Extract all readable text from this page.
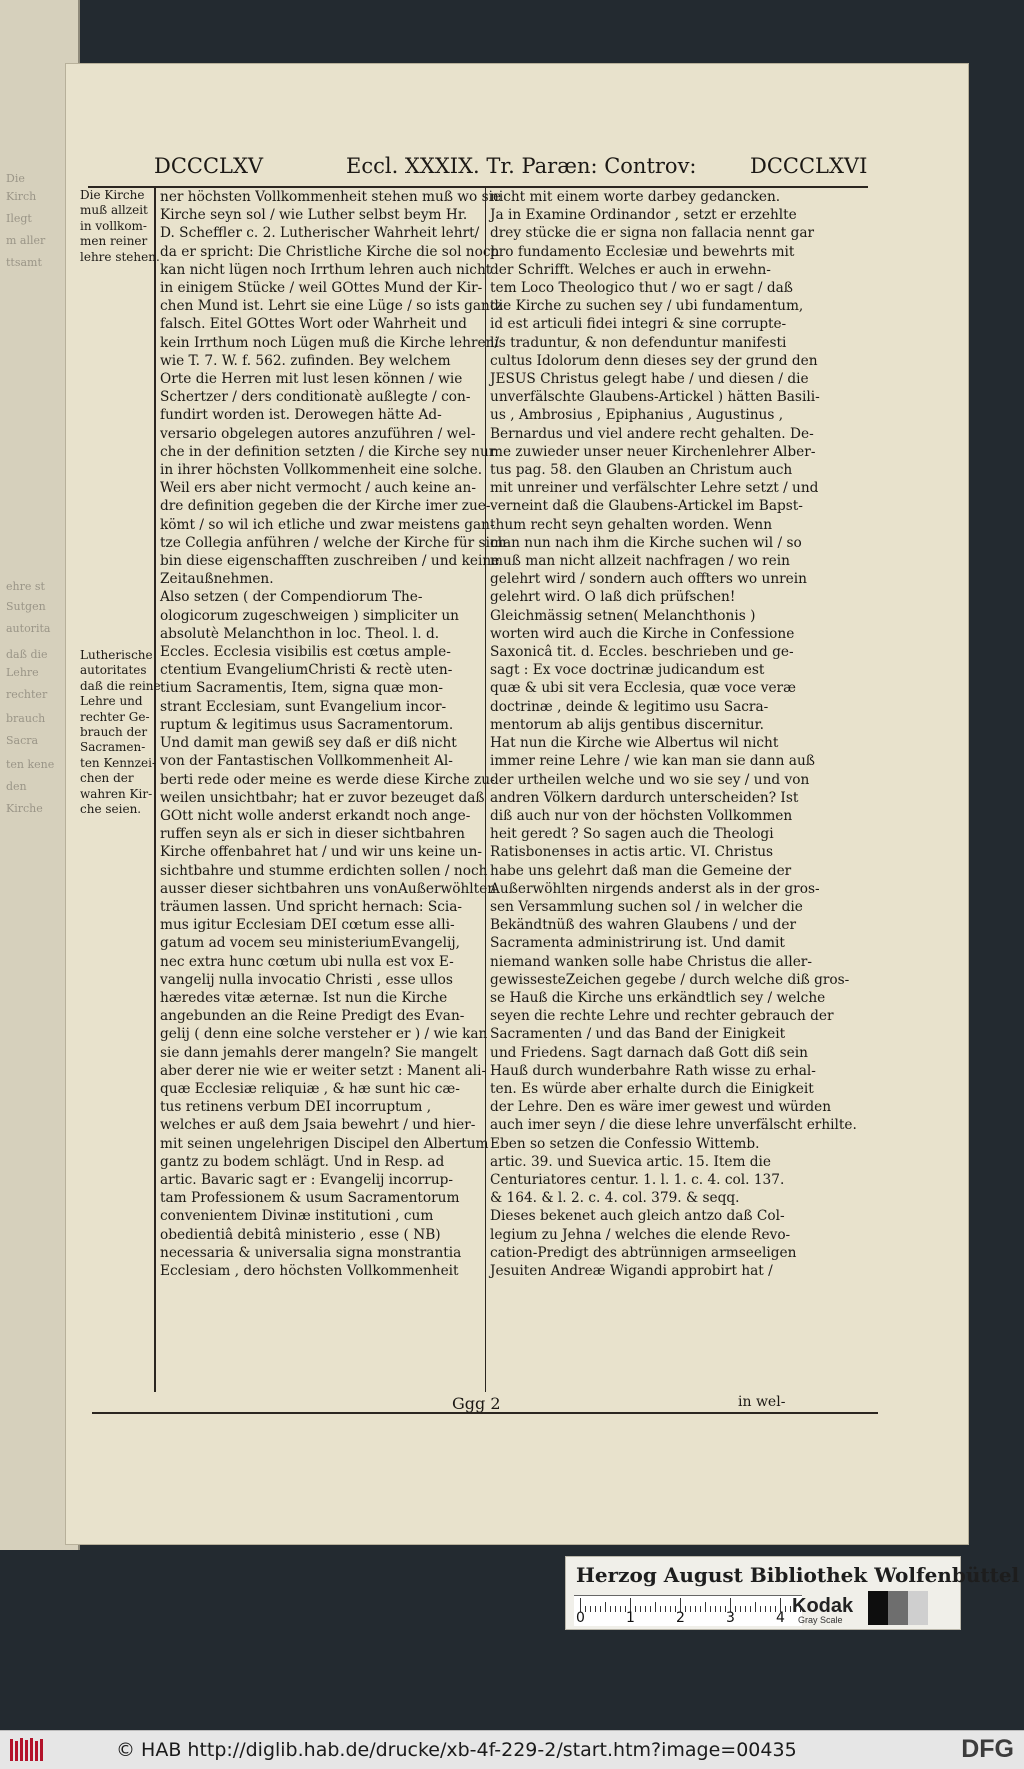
Die
Kirch
Ilegt
m aller
ttsamt
ehre st
Sutgen
autorita
daß die
Lehre
rechter
brauch
Sacra
ten kene
den
Kirche
DCCCLXV	Eccl. XXXIX. Tr. Paræn: Controv:	DCCCLXVI

Die Kirche

muß allzeit

in vollkom-

men reiner

lehre stehen.

Lutherische

autoritates

daß die reine

Lehre und

rechter Ge-

brauch der

Sacramen-

ten Kennzei-

chen der

wahren Kir-

che seien.

ner höchsten Vollkommenheit stehen muß wo sie

Kirche seyn sol / wie Luther selbst beym Hr.

D. Scheffler c. 2. Lutherischer Wahrheit lehrt/

da er spricht: Die Christliche Kirche die sol noch

kan nicht lügen noch Irrthum lehren auch nicht

in einigem Stücke / weil GOttes Mund der Kir-

chen Mund ist. Lehrt sie eine Lüge / so ists gantz

falsch. Eitel GOttes Wort oder Wahrheit und

kein Irrthum noch Lügen muß die Kirche lehren/

wie T. 7. W. f. 562. zufinden. Bey welchem

Orte die Herren mit lust lesen können / wie

Schertzer / ders conditionatè außlegte / con-

fundirt worden ist. Derowegen hätte Ad-

versario obgelegen autores anzuführen / wel-

che in der definition setzten / die Kirche sey nur

in ihrer höchsten Vollkommenheit eine solche.

Weil ers aber nicht vermocht / auch keine an-

dre definition gegeben die der Kirche imer zue-

kömt / so wil ich etliche und zwar meistens gan-

tze Collegia anführen / welche der Kirche für sich

bin diese eigenschafften zuschreiben / und keine

Zeitaußnehmen.

Also setzen ( der Compendiorum The-

ologicorum zugeschweigen ) simpliciter un

absolutè Melanchthon in loc. Theol. l. d.

Eccles. Ecclesia visibilis est cœtus ample-

ctentium EvangeliumChristi & rectè uten-

tium Sacramentis, Item, signa quæ mon-

strant Ecclesiam, sunt Evangelium incor-

ruptum & legitimus usus Sacramentorum.

Und damit man gewiß sey daß er diß nicht

von der Fantastischen Vollkommenheit Al-

berti rede oder meine es werde diese Kirche zu-

weilen unsichtbahr; hat er zuvor bezeuget daß

GOtt nicht wolle anderst erkandt noch ange-

ruffen seyn als er sich in dieser sichtbahren

Kirche offenbahret hat / und wir uns keine un-

sichtbahre und stumme erdichten sollen / noch

ausser dieser sichtbahren uns vonAußerwöhlten

träumen lassen. Und spricht hernach: Scia-

mus igitur Ecclesiam DEI cœtum esse alli-

gatum ad vocem seu ministeriumEvangelij,

nec extra hunc cœtum ubi nulla est vox E-

vangelij nulla invocatio Christi , esse ullos

hæredes vitæ æternæ. Ist nun die Kirche

angebunden an die Reine Predigt des Evan-

gelij ( denn eine solche versteher er ) / wie kan

sie dann jemahls derer mangeln? Sie mangelt

aber derer nie wie er weiter setzt : Manent ali-

quæ Ecclesiæ reliquiæ , & hæ sunt hic cæ-

tus retinens verbum DEI incorruptum ,

welches er auß dem Jsaia bewehrt / und hier-

mit seinen ungelehrigen Discipel den Albertum

gantz zu bodem schlägt. Und in Resp. ad

artic. Bavaric sagt er : Evangelij incorrup-

tam Professionem & usum Sacramentorum

convenientem Divinæ institutioni , cum

obedientiâ debitâ ministerio , esse ( NB)

necessaria & universalia signa monstrantia

Ecclesiam , dero höchsten Vollkommenheit

nicht mit einem worte darbey gedancken.

Ja in Examine Ordinandor , setzt er erzehlte

drey stücke die er signa non fallacia nennt gar

pro fundamento Ecclesiæ und bewehrts mit

der Schrifft. Welches er auch in erwehn-

tem Loco Theologico thut / wo er sagt / daß

die Kirche zu suchen sey / ubi fundamentum,

id est articuli fidei integri & sine corrupte-

lis traduntur, & non defenduntur manifesti

cultus Idolorum denn dieses sey der grund den

JESUS Christus gelegt habe / und diesen / die

unverfälschte Glaubens-Artickel ) hätten Basili-

us , Ambrosius , Epiphanius , Augustinus ,

Bernardus und viel andere recht gehalten. De-

me zuwieder unser neuer Kirchenlehrer Alber-

tus pag. 58. den Glauben an Christum auch

mit unreiner und verfälschter Lehre setzt / und

verneint daß die Glaubens-Artickel im Bapst-

thum recht seyn gehalten worden. Wenn

man nun nach ihm die Kirche suchen wil / so

muß man nicht allzeit nachfragen / wo rein

gelehrt wird / sondern auch offters wo unrein

gelehrt wird. O laß dich prüfschen!

Gleichmässig setnen( Melanchthonis )

worten wird auch die Kirche in Confessione

Saxonicâ tit. d. Eccles. beschrieben und ge-

sagt : Ex voce doctrinæ judicandum est

quæ & ubi sit vera Ecclesia, quæ voce veræ

doctrinæ , deinde & legitimo usu Sacra-

mentorum ab alijs gentibus discernitur.

Hat nun die Kirche wie Albertus wil nicht

immer reine Lehre / wie kan man sie dann auß

der urtheilen welche und wo sie sey / und von

andren Völkern dardurch unterscheiden? Ist

diß auch nur von der höchsten Vollkommen

heit geredt ? So sagen auch die Theologi

Ratisbonenses in actis artic. VI. Christus

habe uns gelehrt daß man die Gemeine der

Außerwöhlten nirgends anderst als in der gros-

sen Versammlung suchen sol / in welcher die

Bekändtnüß des wahren Glaubens / und der

Sacramenta administrirung ist. Und damit

niemand wanken solle habe Christus die aller-

gewissesteZeichen gegebe / durch welche diß gros-

se Hauß die Kirche uns erkändtlich sey / welche

seyen die rechte Lehre und rechter gebrauch der

Sacramenten / und das Band der Einigkeit

und Friedens. Sagt darnach daß Gott diß sein

Hauß durch wunderbahre Rath wisse zu erhal-

ten. Es würde aber erhalte durch die Einigkeit

der Lehre. Den es wäre imer gewest und würden

auch imer seyn / die diese lehre unverfälscht erhilte.

Eben so setzen die Confessio Wittemb.

artic. 39. und Suevica artic. 15. Item die

Centuriatores centur. 1. l. 1. c. 4. col. 137.

& 164. & l. 2. c. 4. col. 379. & seqq.

Dieses bekenet auch gleich antzo daß Col-

legium zu Jehna / welches die elende Revo-

cation-Predigt des abtrünnigen armseeligen

Jesuiten Andreæ Wigandi approbirt hat /

Ggg 2	in wel-
Herzog August Bibliothek Wolfenbüttel
0	1	2	3	4
Kodak
Gray Scale
© HAB http://diglib.hab.de/drucke/xb-4f-229-2/start.htm?image=00435	DFG
